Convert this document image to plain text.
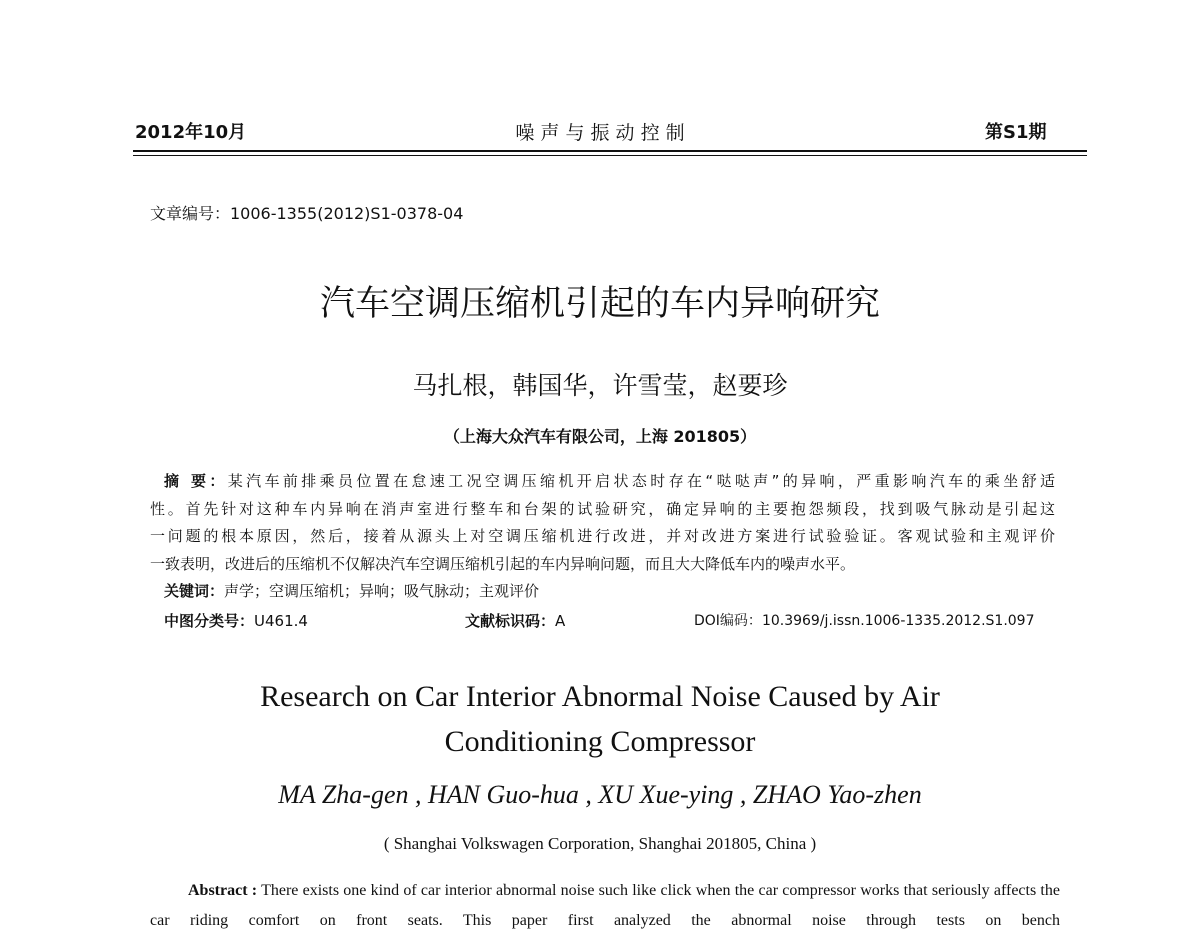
2012年10月	噪 声 与 振 动 控 制	第S1期
文章编号：1006-1355(2012)S1-0378-04
汽车空调压缩机引起的车内异响研究
马扎根，韩国华，许雪莹，赵要珍
（上海大众汽车有限公司，上海 201805）

摘 要：某汽车前排乘员位置在怠速工况空调压缩机开启状态时存在“哒哒声”的异响，严重影响汽车的乘坐舒适

性。首先针对这种车内异响在消声室进行整车和台架的试验研究，确定异响的主要抱怨频段，找到吸气脉动是引起这

一问题的根本原因，然后，接着从源头上对空调压缩机进行改进，并对改进方案进行试验验证。客观试验和主观评价

一致表明，改进后的压缩机不仅解决汽车空调压缩机引起的车内异响问题，而且大大降低车内的噪声水平。

关键词：声学；空调压缩机；异响；吸气脉动；主观评价

中图分类号：U461.4	文献标识码：A	DOI编码：10.3969/j.issn.1006-1335.2012.S1.097
Research on Car Interior Abnormal Noise Caused by Air
Conditioning Compressor
MA Zha-gen , HAN Guo-hua , XU Xue-ying , ZHAO Yao-zhen
( Shanghai Volkswagen Corporation, Shanghai 201805, China )
Abstract : There exists one kind of car interior abnormal noise such like click when the car compressor works that seriously affects the car riding comfort on front seats. This paper first analyzed the abnormal noise through tests on bench
